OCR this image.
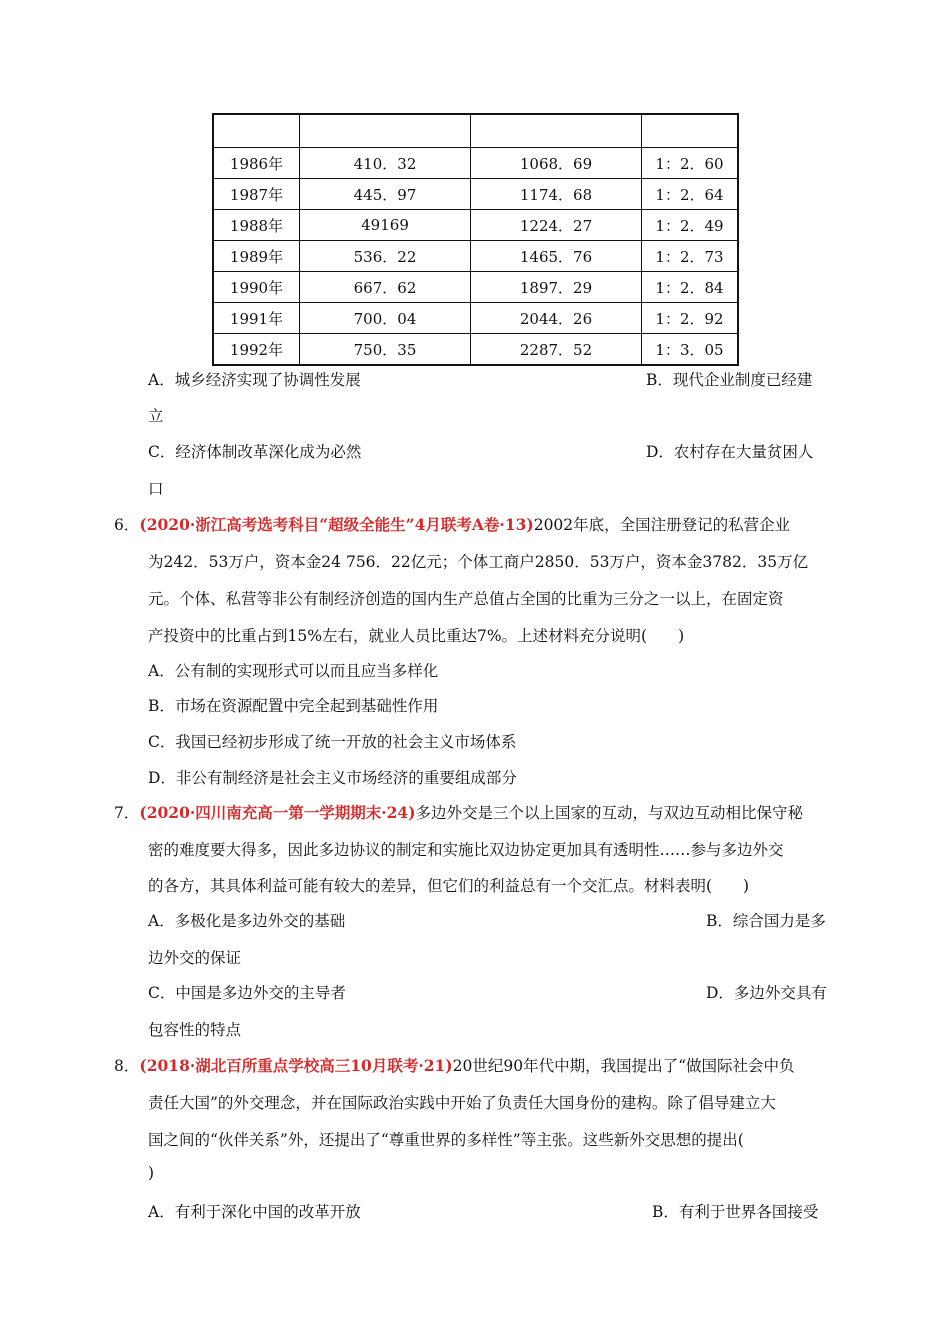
1986年	410．32	1068．69	1：2．60
1987年	445．97	1174．68	1：2．64
1988年	49169	1224．27	1：2．49
1989年	536．22	1465．76	1：2．73
1990年	667．62	1897．29	1：2．84
1991年	700．04	2044．26	1：2．92
1992年	750．35	2287．52	1：3．05
A．城乡经济实现了协调性发展	B．现代企业制度已经建
立
C．经济体制改革深化成为必然	D．农村存在大量贫困人
口
6．(2020·浙江高考选考科目“超级全能生”4月联考A卷·13)2002年底，全国注册登记的私营企业
为242．53万户，资本金24 756．22亿元；个体工商户2850．53万户，资本金3782．35万亿
元。个体、私营等非公有制经济创造的国内生产总值占全国的比重为三分之一以上，在固定资
产投资中的比重占到15%左右，就业人员比重达7%。上述材料充分说明(　　)
A．公有制的实现形式可以而且应当多样化
B．市场在资源配置中完全起到基础性作用
C．我国已经初步形成了统一开放的社会主义市场体系
D．非公有制经济是社会主义市场经济的重要组成部分
7．(2020·四川南充高一第一学期期末·24)多边外交是三个以上国家的互动，与双边互动相比保守秘
密的难度要大得多，因此多边协议的制定和实施比双边协定更加具有透明性……参与多边外交
的各方，其具体利益可能有较大的差异，但它们的利益总有一个交汇点。材料表明(　　)
A．多极化是多边外交的基础	B．综合国力是多
边外交的保证
C．中国是多边外交的主导者	D．多边外交具有
包容性的特点
8．(2018·湖北百所重点学校高三10月联考·21)20世纪90年代中期，我国提出了“做国际社会中负
责任大国”的外交理念，并在国际政治实践中开始了负责任大国身份的建构。除了倡导建立大
国之间的“伙伴关系”外，还提出了“尊重世界的多样性”等主张。这些新外交思想的提出(
)
A．有利于深化中国的改革开放	B．有利于世界各国接受
